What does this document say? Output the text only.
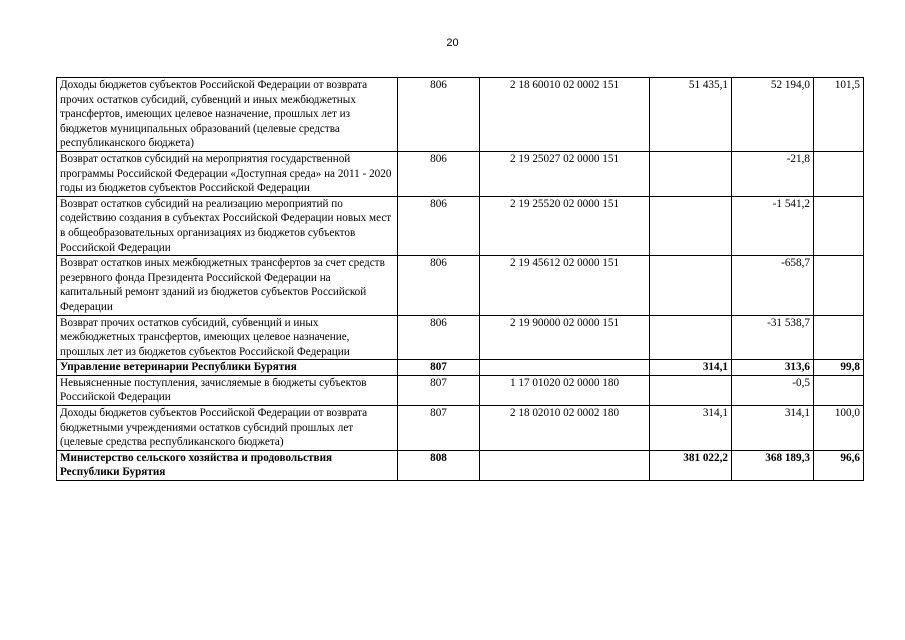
20
Доходы бюджетов субъектов Российской Федерации от возврата прочих остатков субсидий, субвенций и иных межбюджетных трансфертов, имеющих целевое назначение, прошлых лет из бюджетов муниципальных образований (целевые средства республиканского бюджета)	806	2 18 60010 02 0002 151	51 435,1	52 194,0	101,5
Возврат остатков субсидий на мероприятия государственной программы Российской Федерации «Доступная среда» на 2011 - 2020 годы из бюджетов субъектов Российской Федерации	806	2 19 25027 02 0000 151		-21,8	
Возврат остатков субсидий на реализацию мероприятий по содействию создания в субъектах Российской Федерации новых мест в общеобразовательных организациях из бюджетов субъектов Российской Федерации	806	2 19 25520 02 0000 151		-1 541,2	
Возврат остатков иных межбюджетных трансфертов за счет средств резервного фонда Президента Российской Федерации на капитальный ремонт зданий из бюджетов субъектов Российской Федерации	806	2 19 45612 02 0000 151		-658,7	
Возврат прочих остатков субсидий, субвенций и иных межбюджетных трансфертов, имеющих целевое назначение, прошлых лет из бюджетов субъектов Российской Федерации	806	2 19 90000 02 0000 151		-31 538,7	
Управление ветеринарии Республики Бурятия	807		314,1	313,6	99,8
Невыясненные поступления, зачисляемые в бюджеты субъектов Российской Федерации	807	1 17 01020 02 0000 180		-0,5	
Доходы бюджетов субъектов Российской Федерации от возврата бюджетными учреждениями остатков субсидий прошлых лет (целевые средства республиканского бюджета)	807	2 18 02010 02 0002 180	314,1	314,1	100,0
Министерство сельского хозяйства и продовольствия Республики Бурятия	808		381 022,2	368 189,3	96,6
